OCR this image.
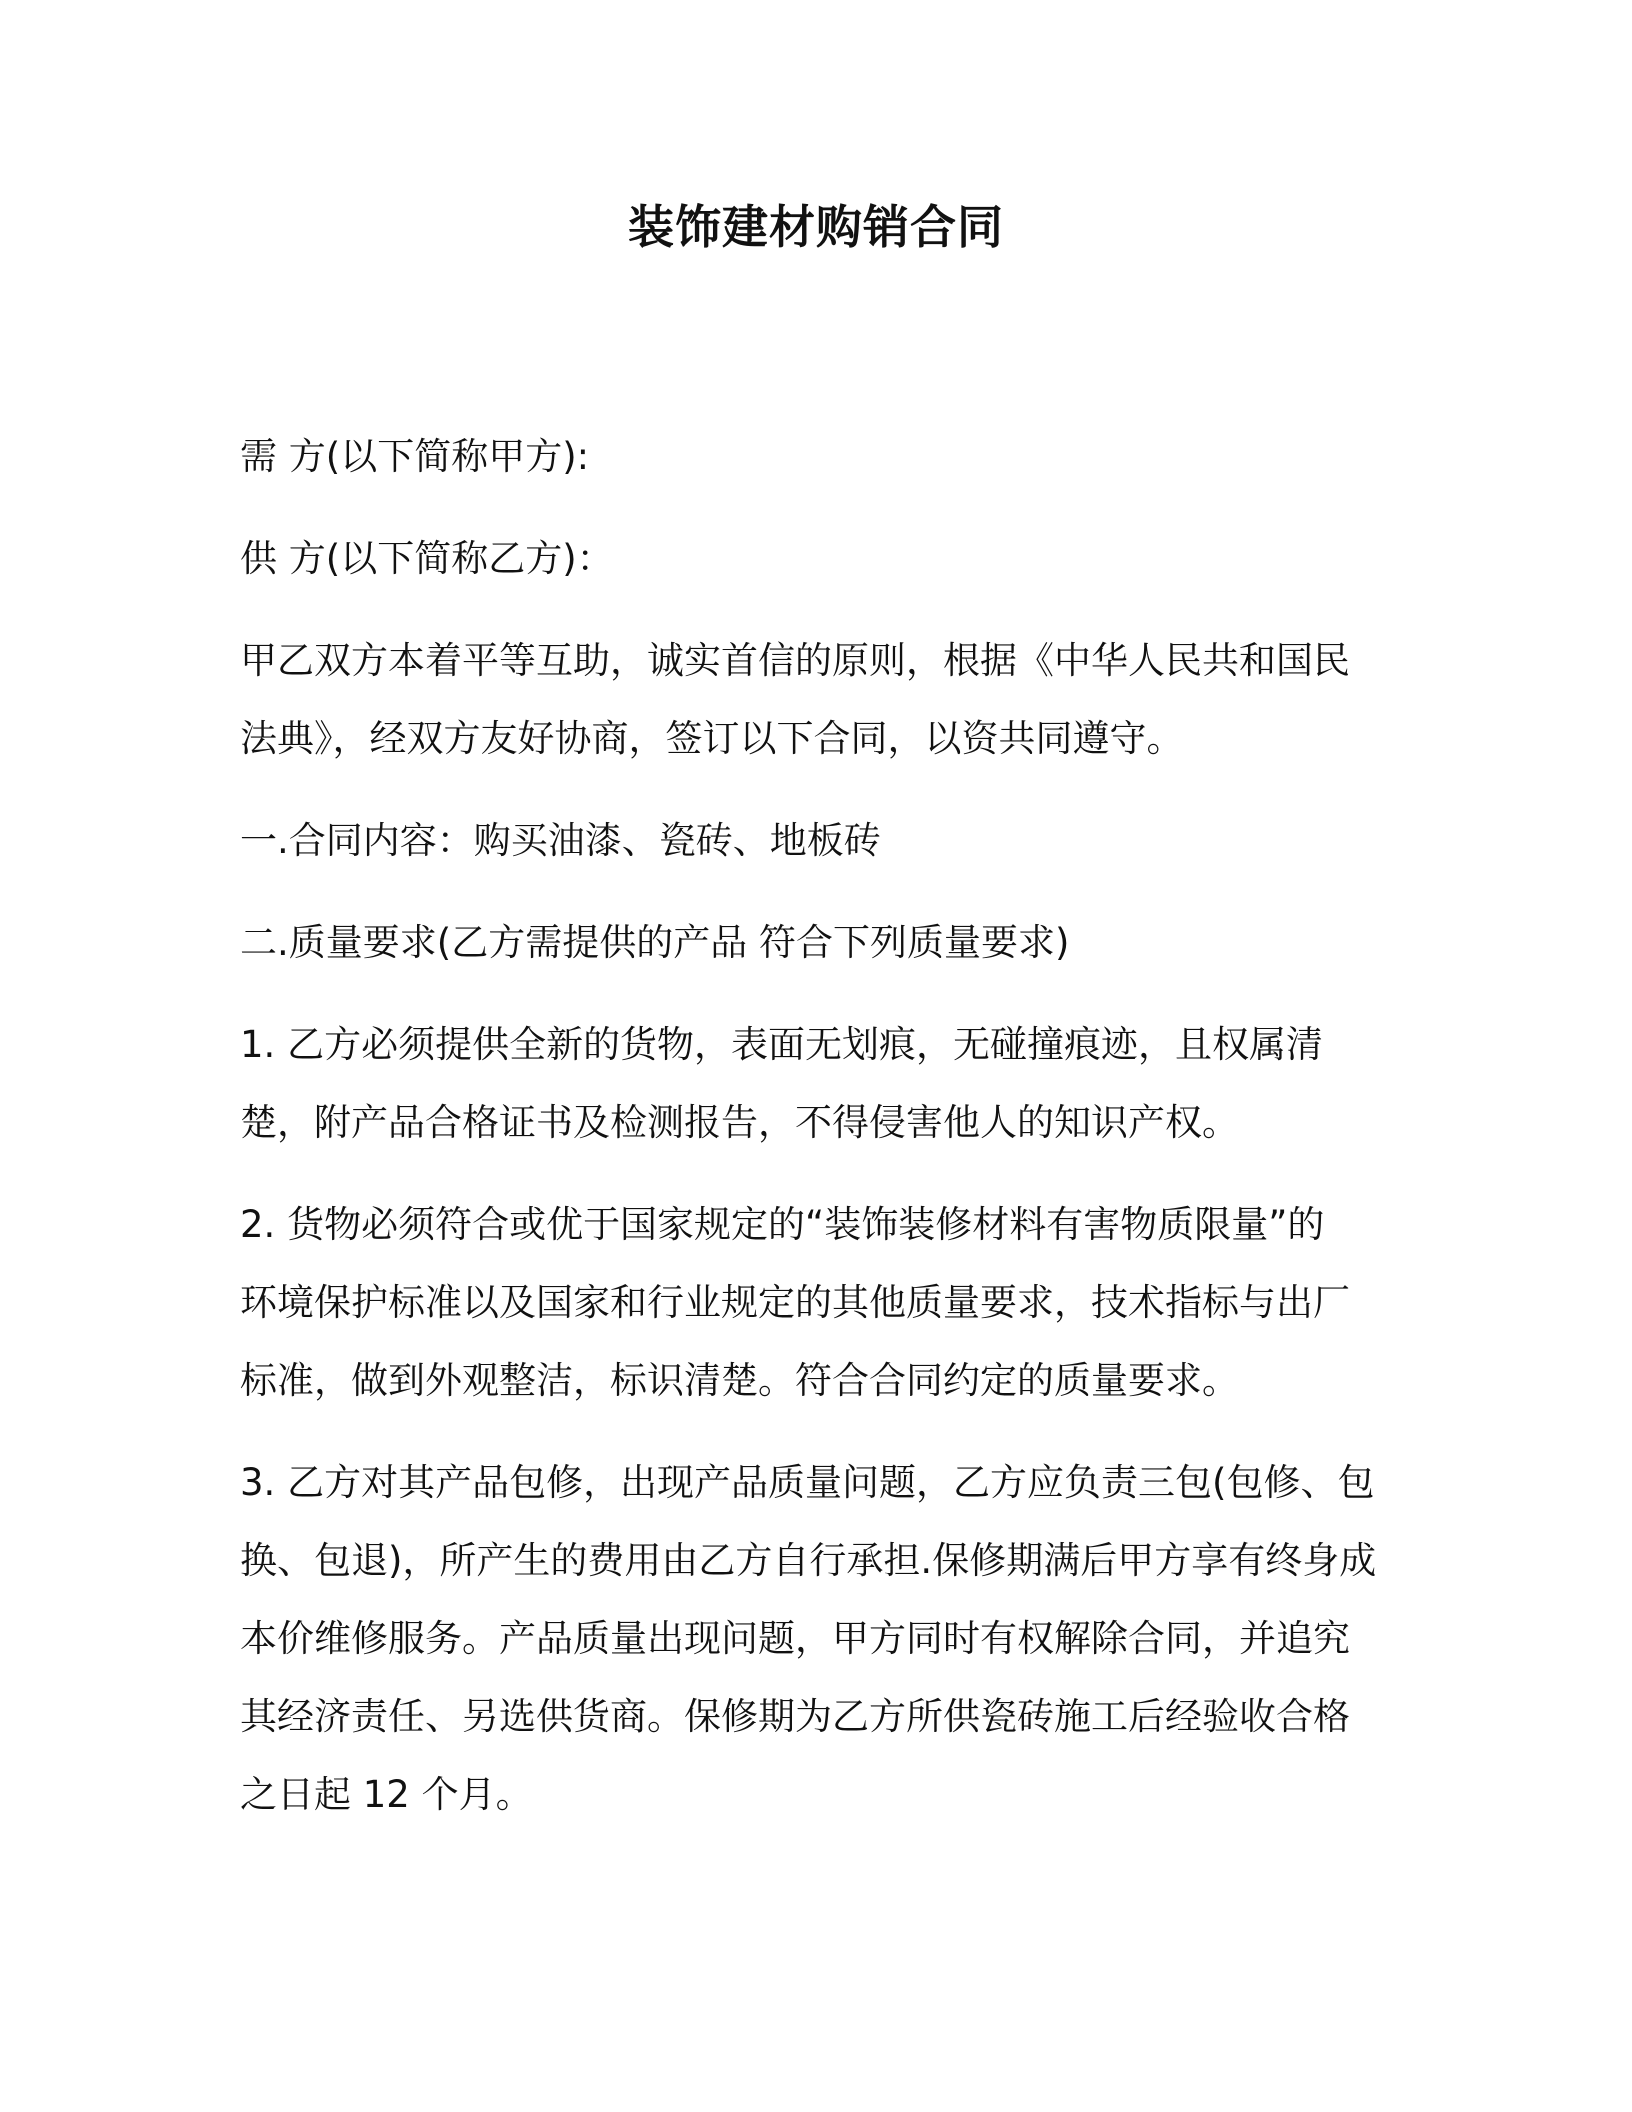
装饰建材购销合同

需 方(以下简称甲方):

供 方(以下简称乙方)：

甲乙双方本着平等互助，诚实首信的原则，根据《中华人民共和国民
法典》，经双方友好协商，签订以下合同，以资共同遵守。

一.合同内容：购买油漆、瓷砖、地板砖

二.质量要求(乙方需提供的产品 符合下列质量要求)

1. 乙方必须提供全新的货物，表面无划痕，无碰撞痕迹，且权属清
楚，附产品合格证书及检测报告，不得侵害他人的知识产权。

2. 货物必须符合或优于国家规定的“装饰装修材料有害物质限量”的
环境保护标准以及国家和行业规定的其他质量要求，技术指标与出厂
标准，做到外观整洁，标识清楚。符合合同约定的质量要求。

3. 乙方对其产品包修，出现产品质量问题，乙方应负责三包(包修、包
换、包退)，所产生的费用由乙方自行承担.保修期满后甲方享有终身成
本价维修服务。产品质量出现问题，甲方同时有权解除合同，并追究
其经济责任、另选供货商。保修期为乙方所供瓷砖施工后经验收合格
之日起 12 个月。
